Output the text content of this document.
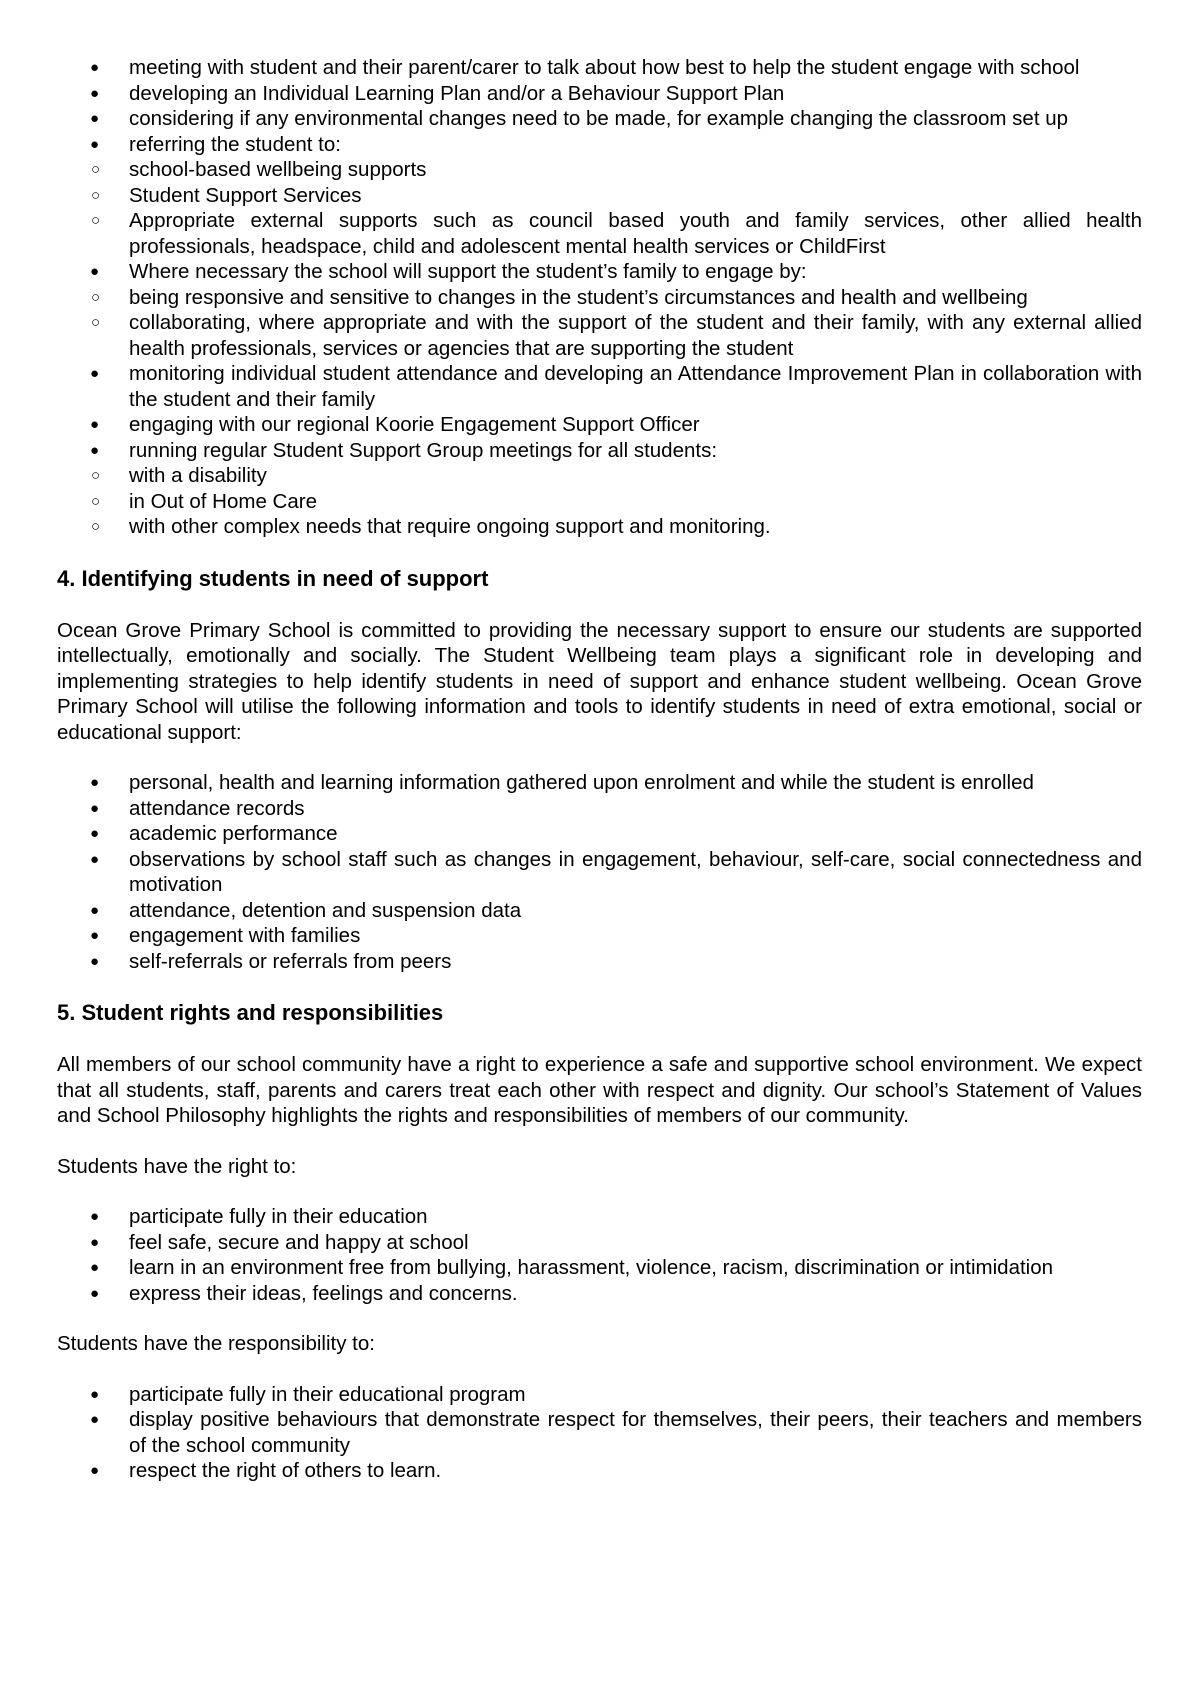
● meeting with student and their parent/carer to talk about how best to help the student engage with school
● developing an Individual Learning Plan and/or a Behaviour Support Plan
● considering if any environmental changes need to be made, for example changing the classroom set up
● referring the student to:
○ school-based wellbeing supports
○ Student Support Services
○ Appropriate external supports such as council based youth and family services, other allied health professionals, headspace, child and adolescent mental health services or ChildFirst
● Where necessary the school will support the student’s family to engage by:
○ being responsive and sensitive to changes in the student’s circumstances and health and wellbeing
○ collaborating, where appropriate and with the support of the student and their family, with any external allied health professionals, services or agencies that are supporting the student
● monitoring individual student attendance and developing an Attendance Improvement Plan in collaboration with the student and their family
● engaging with our regional Koorie Engagement Support Officer
● running regular Student Support Group meetings for all students:
○ with a disability
○ in Out of Home Care
○ with other complex needs that require ongoing support and monitoring.
4. Identifying students in need of support

Ocean Grove Primary School is committed to providing the necessary support to ensure our students are supported intellectually, emotionally and socially. The Student Wellbeing team plays a significant role in developing and implementing strategies to help identify students in need of support and enhance student wellbeing. Ocean Grove Primary School will utilise the following information and tools to identify students in need of extra emotional, social or educational support:

● personal, health and learning information gathered upon enrolment and while the student is enrolled
● attendance records
● academic performance
● observations by school staff such as changes in engagement, behaviour, self-care, social connectedness and motivation
● attendance, detention and suspension data
● engagement with families
● self-referrals or referrals from peers
5. Student rights and responsibilities

All members of our school community have a right to experience a safe and supportive school environment. We expect that all students, staff, parents and carers treat each other with respect and dignity. Our school’s Statement of Values and School Philosophy highlights the rights and responsibilities of members of our community.

Students have the right to:

● participate fully in their education
● feel safe, secure and happy at school
● learn in an environment free from bullying, harassment, violence, racism, discrimination or intimidation
● express their ideas, feelings and concerns.

Students have the responsibility to:

● participate fully in their educational program
● display positive behaviours that demonstrate respect for themselves, their peers, their teachers and members of the school community
● respect the right of others to learn.
